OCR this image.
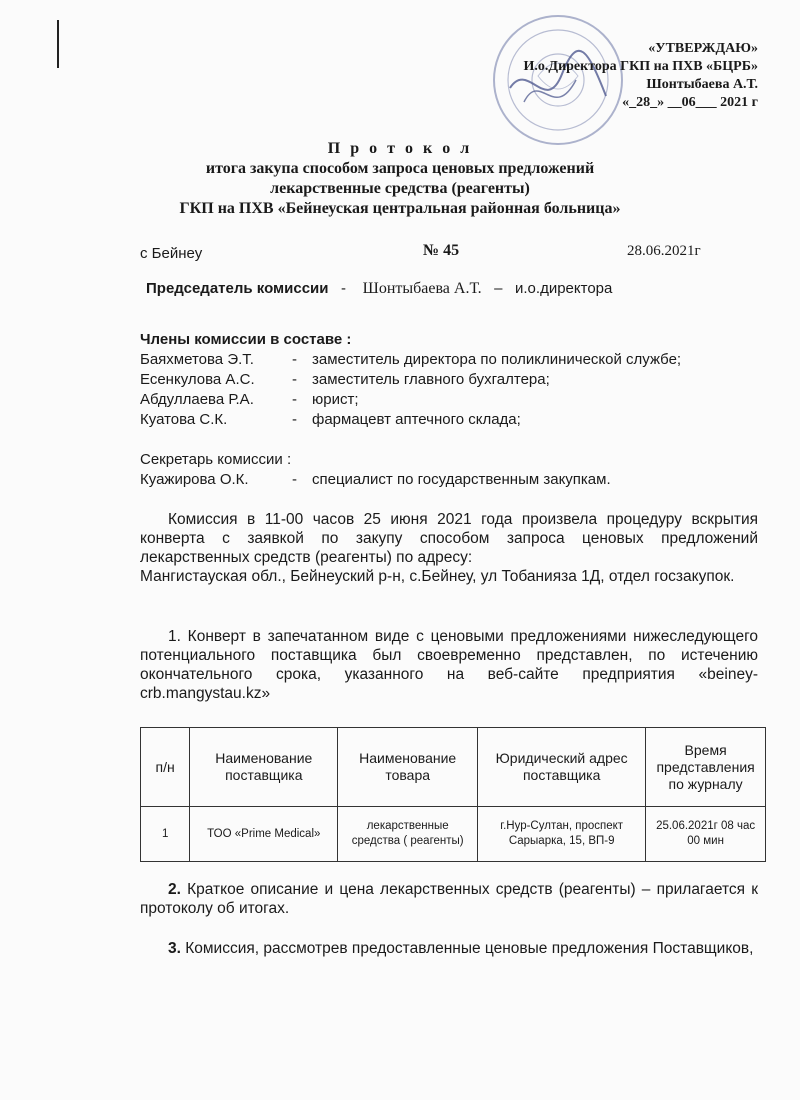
«УТВЕРЖДАЮ»
И.о.Директора ГКП на ПХВ «БЦРБ»
Шонтыбаева А.Т.
«_28_» __06___ 2021 г
П р о т о к о л
итога закупа способом запроса ценовых предложений
лекарственные средства (реагенты)
ГКП на ПХВ «Бейнеуская центральная районная больница»
с Бейнеу	№ 45	28.06.2021г
Председатель комиссии - Шонтыбаева А.Т. – и.о.директора
Члены комиссии в составе :
Баяхметова Э.Т.	- заместитель директора по поликлинической службе;
Есенкулова А.С. - заместитель главного бухгалтера;
Абдуллаева Р.А.	- юрист;
Куатова С.К.	- фармацевт аптечного склада;
Секретарь комиссии :
Куажирова О.К.	- специалист по государственным закупкам.
Комиссия в 11-00 часов 25 июня 2021 года произвела процедуру вскрытия конверта с заявкой по закупу способом запроса ценовых предложений лекарственных средств (реагенты) по адресу:
Мангистауская обл., Бейнеуский р-н, с.Бейнеу, ул Тобанияза 1Д, отдел госзакупок.
1. Конверт в запечатанном виде с ценовыми предложениями нижеследующего потенциального поставщика был своевременно представлен, по истечению окончательного срока, указанного на веб-сайте предприятия «beiney-crb.mangystau.kz»
п/н	Наименование поставщика	Наименование товара	Юридический адрес поставщика	Время представления по журналу
1	ТОО «Prime Medical»	лекарственные средства ( реагенты)	г.Нур-Султан, проспект Сарыарка, 15, ВП-9	25.06.2021г 08 час 00 мин
2. Краткое описание и цена лекарственных средств (реагенты) – прилагается к протоколу об итогах.
3. Комиссия, рассмотрев предоставленные ценовые предложения Поставщиков,
